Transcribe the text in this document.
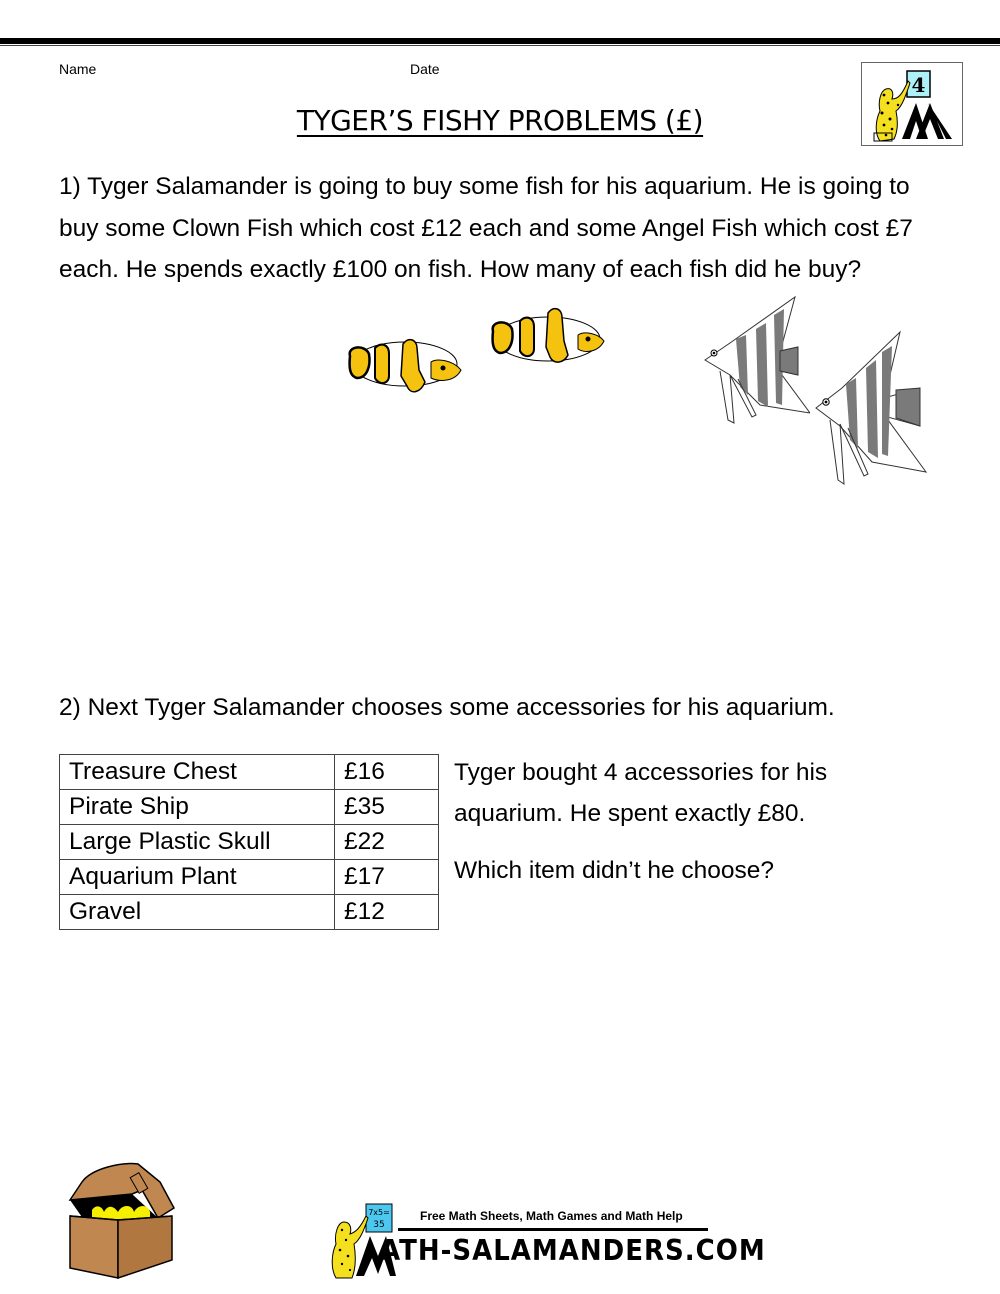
Name	Date
TYGER’S FISHY PROBLEMS (£)
4
1) Tyger Salamander is going to buy some fish for his aquarium. He is going to buy some Clown Fish which cost £12 each and some Angel Fish which cost £7 each. He spends exactly £100 on fish. How many of each fish did he buy?
2) Next Tyger Salamander chooses some accessories for his aquarium.
Treasure Chest	£16
Pirate Ship	£35
Large Plastic Skull	£22
Aquarium Plant	£17
Gravel	£12

Tyger bought 4 accessories for his aquarium. He spent exactly £80.

Which item didn’t he choose?

7x5=
35
Free Math Sheets, Math Games and Math Help
ATH-SALAMANDERS.COM
